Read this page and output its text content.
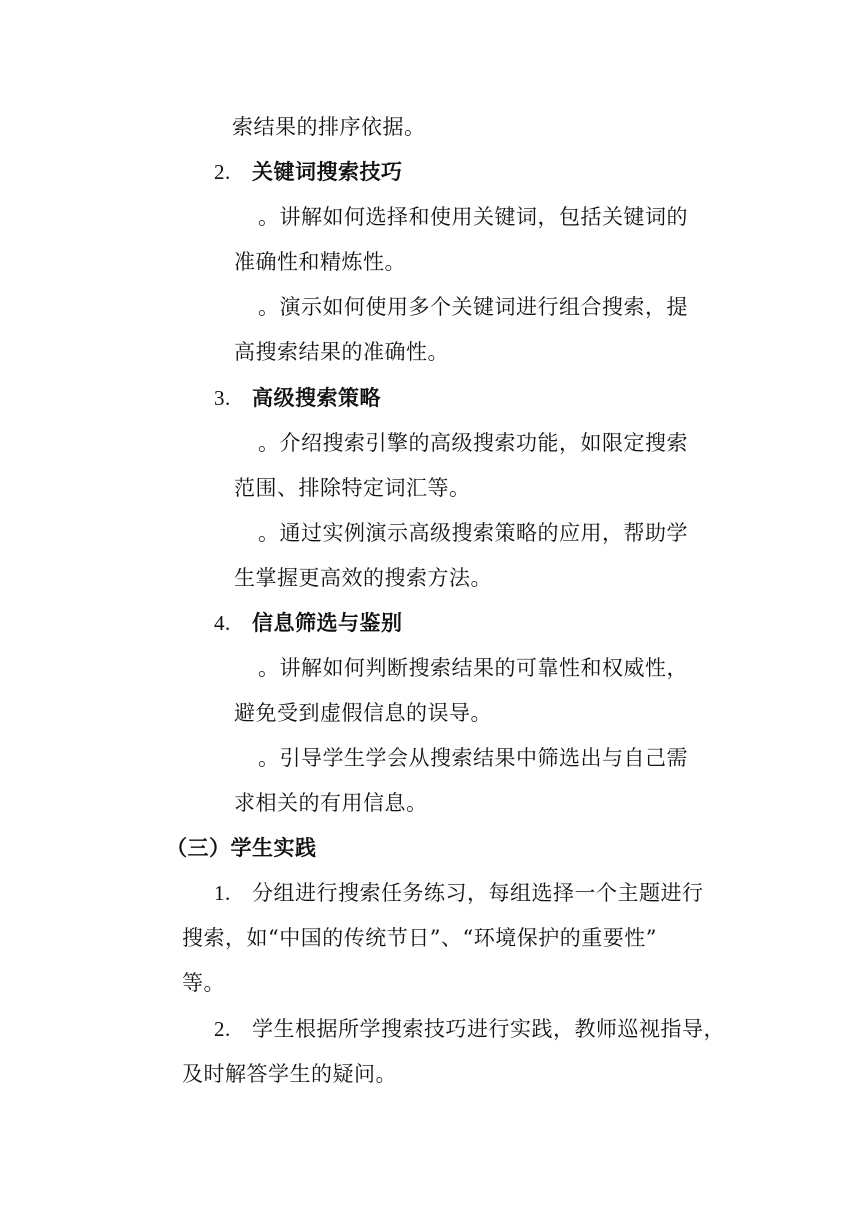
索结果的排序依据。
2. 关键词搜索技巧
。讲解如何选择和使用关键词，包括关键词的
准确性和精炼性。
。演示如何使用多个关键词进行组合搜索，提
高搜索结果的准确性。
3. 高级搜索策略
。介绍搜索引擎的高级搜索功能，如限定搜索
范围、排除特定词汇等。
。通过实例演示高级搜索策略的应用，帮助学
生掌握更高效的搜索方法。
4. 信息筛选与鉴别
。讲解如何判断搜索结果的可靠性和权威性，
避免受到虚假信息的误导。
。引导学生学会从搜索结果中筛选出与自己需
求相关的有用信息。
（三）学生实践
1. 分组进行搜索任务练习，每组选择一个主题进行
搜索，如“中国的传统节日”、“环境保护的重要性”
等。
2. 学生根据所学搜索技巧进行实践，教师巡视指导，
及时解答学生的疑问。
